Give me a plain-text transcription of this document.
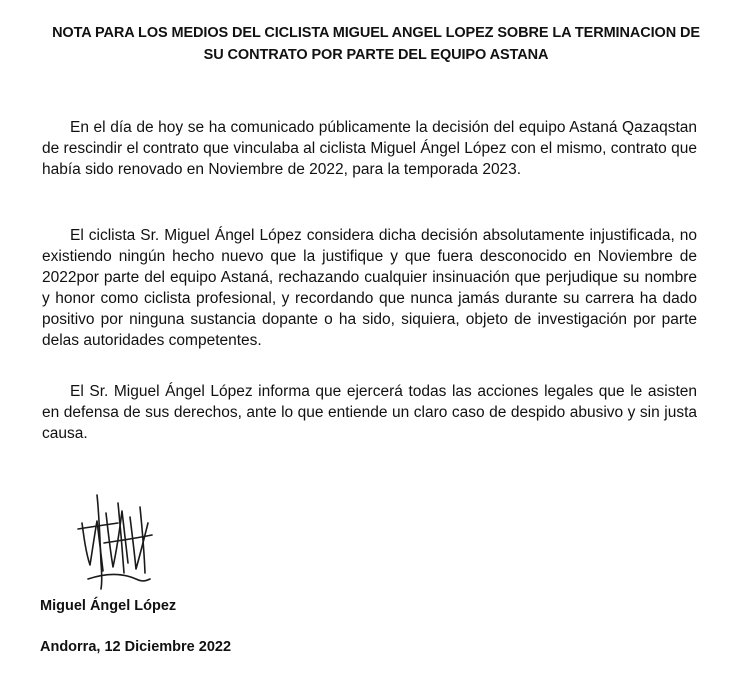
NOTA PARA LOS MEDIOS DEL CICLISTA MIGUEL ANGEL LOPEZ SOBRE LA TERMINACION DE
SU CONTRATO POR PARTE DEL EQUIPO ASTANA
En el día de hoy se ha comunicado públicamente la decisión del equipo Astaná Qazaqstan de rescindir el contrato que vinculaba al ciclista Miguel Ángel López con el mismo, contrato que había sido renovado en Noviembre de 2022, para la temporada 2023.
El ciclista Sr. Miguel Ángel López considera dicha decisión absolutamente injustificada, no existiendo ningún hecho nuevo que la justifique y que fuera desconocido en Noviembre de 2022por parte del equipo Astaná, rechazando cualquier insinuación que perjudique su nombre y honor como ciclista profesional, y recordando que nunca jamás durante su carrera ha dado positivo por ninguna sustancia dopante o ha sido, siquiera, objeto de investigación por parte delas autoridades competentes.
El Sr. Miguel Ángel López informa que ejercerá todas las acciones legales que le asisten en defensa de sus derechos, ante lo que entiende un claro caso de despido abusivo y sin justa causa.
Miguel Ángel López
Andorra, 12 Diciembre 2022
